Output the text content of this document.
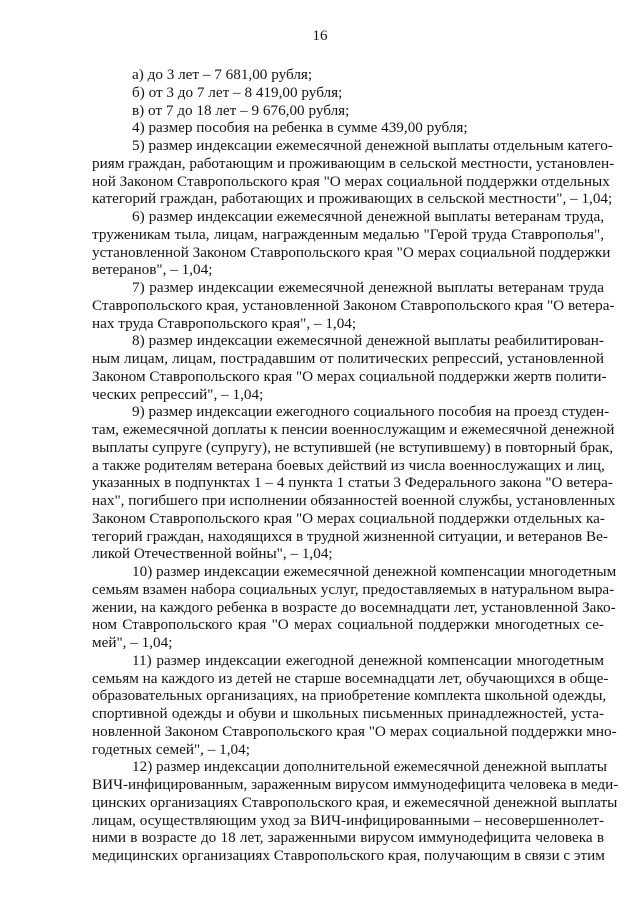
16
а) до 3 лет – 7 681,00 рубля;
б) от 3 до 7 лет – 8 419,00 рубля;
в) от 7 до 18 лет – 9 676,00 рубля;
4) размер пособия на ребенка в сумме 439,00 рубля;
5) размер индексации ежемесячной денежной выплаты отдельным катего-
риям граждан, работающим и проживающим в сельской местности, установлен-
ной Законом Ставропольского края "О мерах социальной поддержки отдельных
категорий граждан, работающих и проживающих в сельской местности", – 1,04;
6) размер индексации ежемесячной денежной выплаты ветеранам труда,
труженикам тыла, лицам, награжденным медалью "Герой труда Ставрополья",
установленной Законом Ставропольского края "О мерах социальной поддержки
ветеранов", – 1,04;
7) размер индексации ежемесячной денежной выплаты ветеранам труда
Ставропольского края, установленной Законом Ставропольского края "О ветера-
нах труда Ставропольского края", – 1,04;
8) размер индексации ежемесячной денежной выплаты реабилитирован-
ным лицам, лицам, пострадавшим от политических репрессий, установленной
Законом Ставропольского края "О мерах социальной поддержки жертв полити-
ческих репрессий", – 1,04;
9) размер индексации ежегодного социального пособия на проезд студен-
там, ежемесячной доплаты к пенсии военнослужащим и ежемесячной денежной
выплаты супруге (супругу), не вступившей (не вступившему) в повторный брак,
а также родителям ветерана боевых действий из числа военнослужащих и лиц,
указанных в подпунктах 1 – 4 пункта 1 статьи 3 Федерального закона "О ветера-
нах", погибшего при исполнении обязанностей военной службы, установленных
Законом Ставропольского края "О мерах социальной поддержки отдельных ка-
тегорий граждан, находящихся в трудной жизненной ситуации, и ветеранов Ве-
ликой Отечественной войны", – 1,04;
10) размер индексации ежемесячной денежной компенсации многодетным
семьям взамен набора социальных услуг, предоставляемых в натуральном выра-
жении, на каждого ребенка в возрасте до восемнадцати лет, установленной Зако-
ном Ставропольского края "О мерах социальной поддержки многодетных се-
мей", – 1,04;
11) размер индексации ежегодной денежной компенсации многодетным
семьям на каждого из детей не старше восемнадцати лет, обучающихся в обще-
образовательных организациях, на приобретение комплекта школьной одежды,
спортивной одежды и обуви и школьных письменных принадлежностей, уста-
новленной Законом Ставропольского края "О мерах социальной поддержки мно-
годетных семей", – 1,04;
12) размер индексации дополнительной ежемесячной денежной выплаты
ВИЧ-инфицированным, зараженным вирусом иммунодефицита человека в меди-
цинских организациях Ставропольского края, и ежемесячной денежной выплаты
лицам, осуществляющим уход за ВИЧ-инфицированными – несовершеннолет-
ними в возрасте до 18 лет, зараженными вирусом иммунодефицита человека в
медицинских организациях Ставропольского края, получающим в связи с этим
